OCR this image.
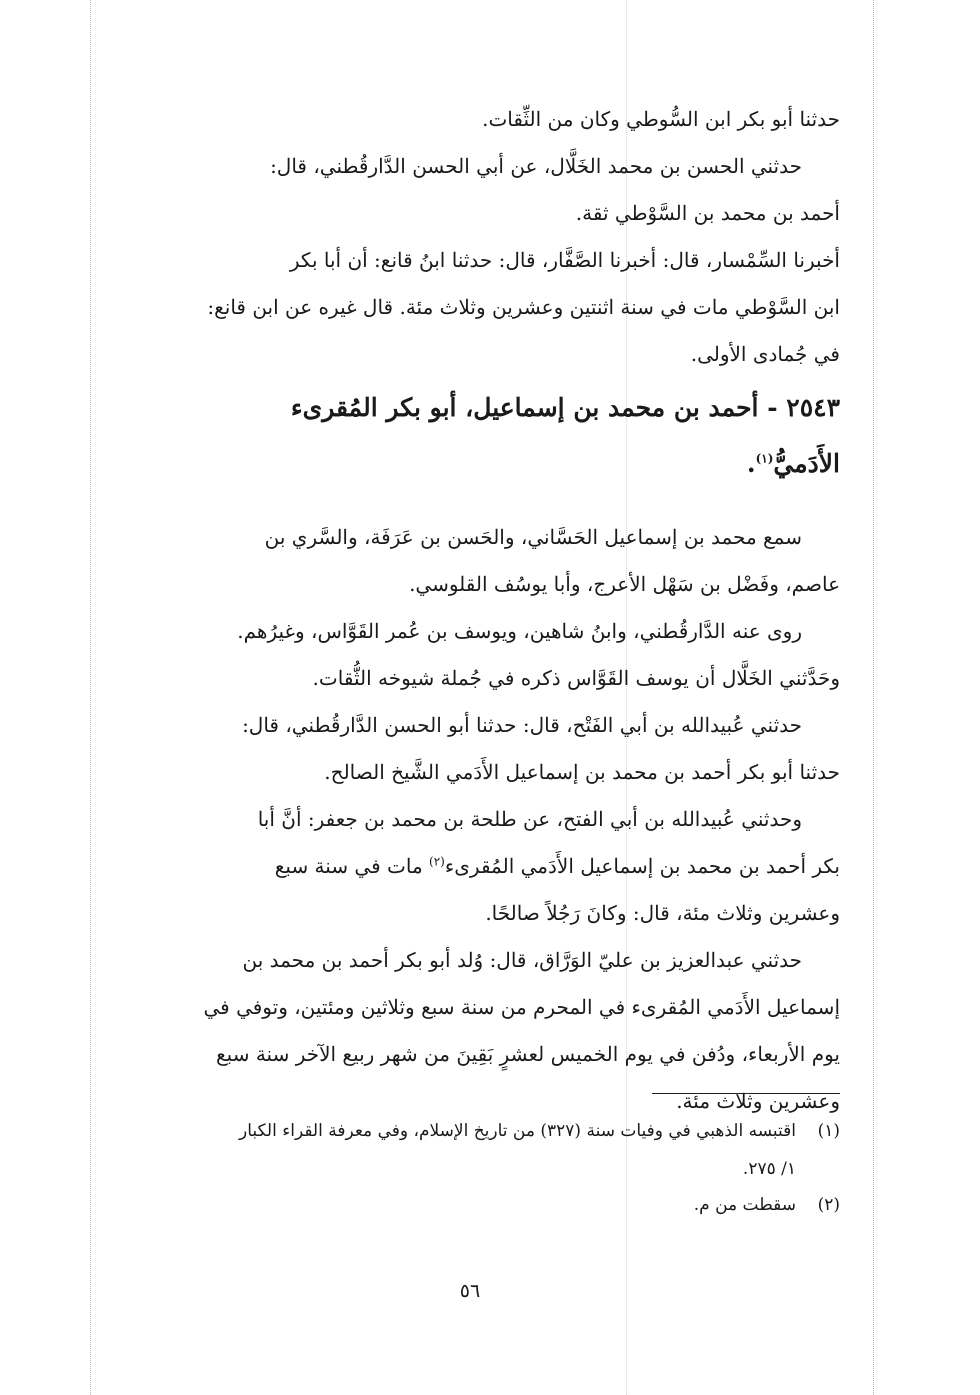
حدثنا أبو بكر ابن السُّوطي وكان من الثِّقات.
حدثني الحسن بن محمد الخَلَّال، عن أبي الحسن الدَّارقُطني، قال:
أحمد بن محمد بن السَّوْطي ثقة.
أخبرنا السِّمْسار، قال: أخبرنا الصَّفَّار، قال: حدثنا ابنُ قانع: أن أبا بكر
ابن السَّوْطي مات في سنة اثنتين وعشرين وثلاث مئة. قال غيره عن ابن قانع:
في جُمادى الأولى.
٢٥٤٣ - أحمد بن محمد بن إسماعيل، أبو بكر المُقرىء
الأَدَميُّ$^{(١)}$.
سمع محمد بن إسماعيل الحَسَّاني، والحَسن بن عَرَفَة، والسَّري بن
عاصم، وفَضْل بن سَهْل الأعرج، وأبا يوسُف القلوسي.
روى عنه الدَّارقُطني، وابنُ شاهين، ويوسف بن عُمر القَوَّاس، وغيرُهم.
وحَدَّثني الخَلَّال أن يوسف القَوَّاس ذكره في جُملة شيوخه الثُّقات.
حدثني عُبيدالله بن أبي الفَتْح، قال: حدثنا أبو الحسن الدَّارقُطني، قال:
حدثنا أبو بكر أحمد بن محمد بن إسماعيل الأَدَمي الشَّيخ الصالح.
وحدثني عُبيدالله بن أبي الفتح، عن طلحة بن محمد بن جعفر: أنَّ أبا
بكر أحمد بن محمد بن إسماعيل الأَدَمي المُقرىء$^{(٢)}$ مات في سنة سبع
وعشرين وثلاث مئة، قال: وكانَ رَجُلاً صالحًا.
حدثني عبدالعزيز بن عليّ الوَرَّاق، قال: وُلد أبو بكر أحمد بن محمد بن
إسماعيل الأَدَمي المُقرىء في المحرم من سنة سبع وثلاثين ومئتين، وتوفي في
يوم الأربعاء، ودُفن في يوم الخميس لعشرٍ بَقِينَ من شهر ربيع الآخر سنة سبع
وعشرين وثلاث مئة.
(١)اقتبسه الذهبي في وفيات سنة (٣٢٧) من تاريخ الإسلام، وفي معرفة القراء الكبار
١/ ٢٧٥.
(٢)سقطت من م.
٥٦
